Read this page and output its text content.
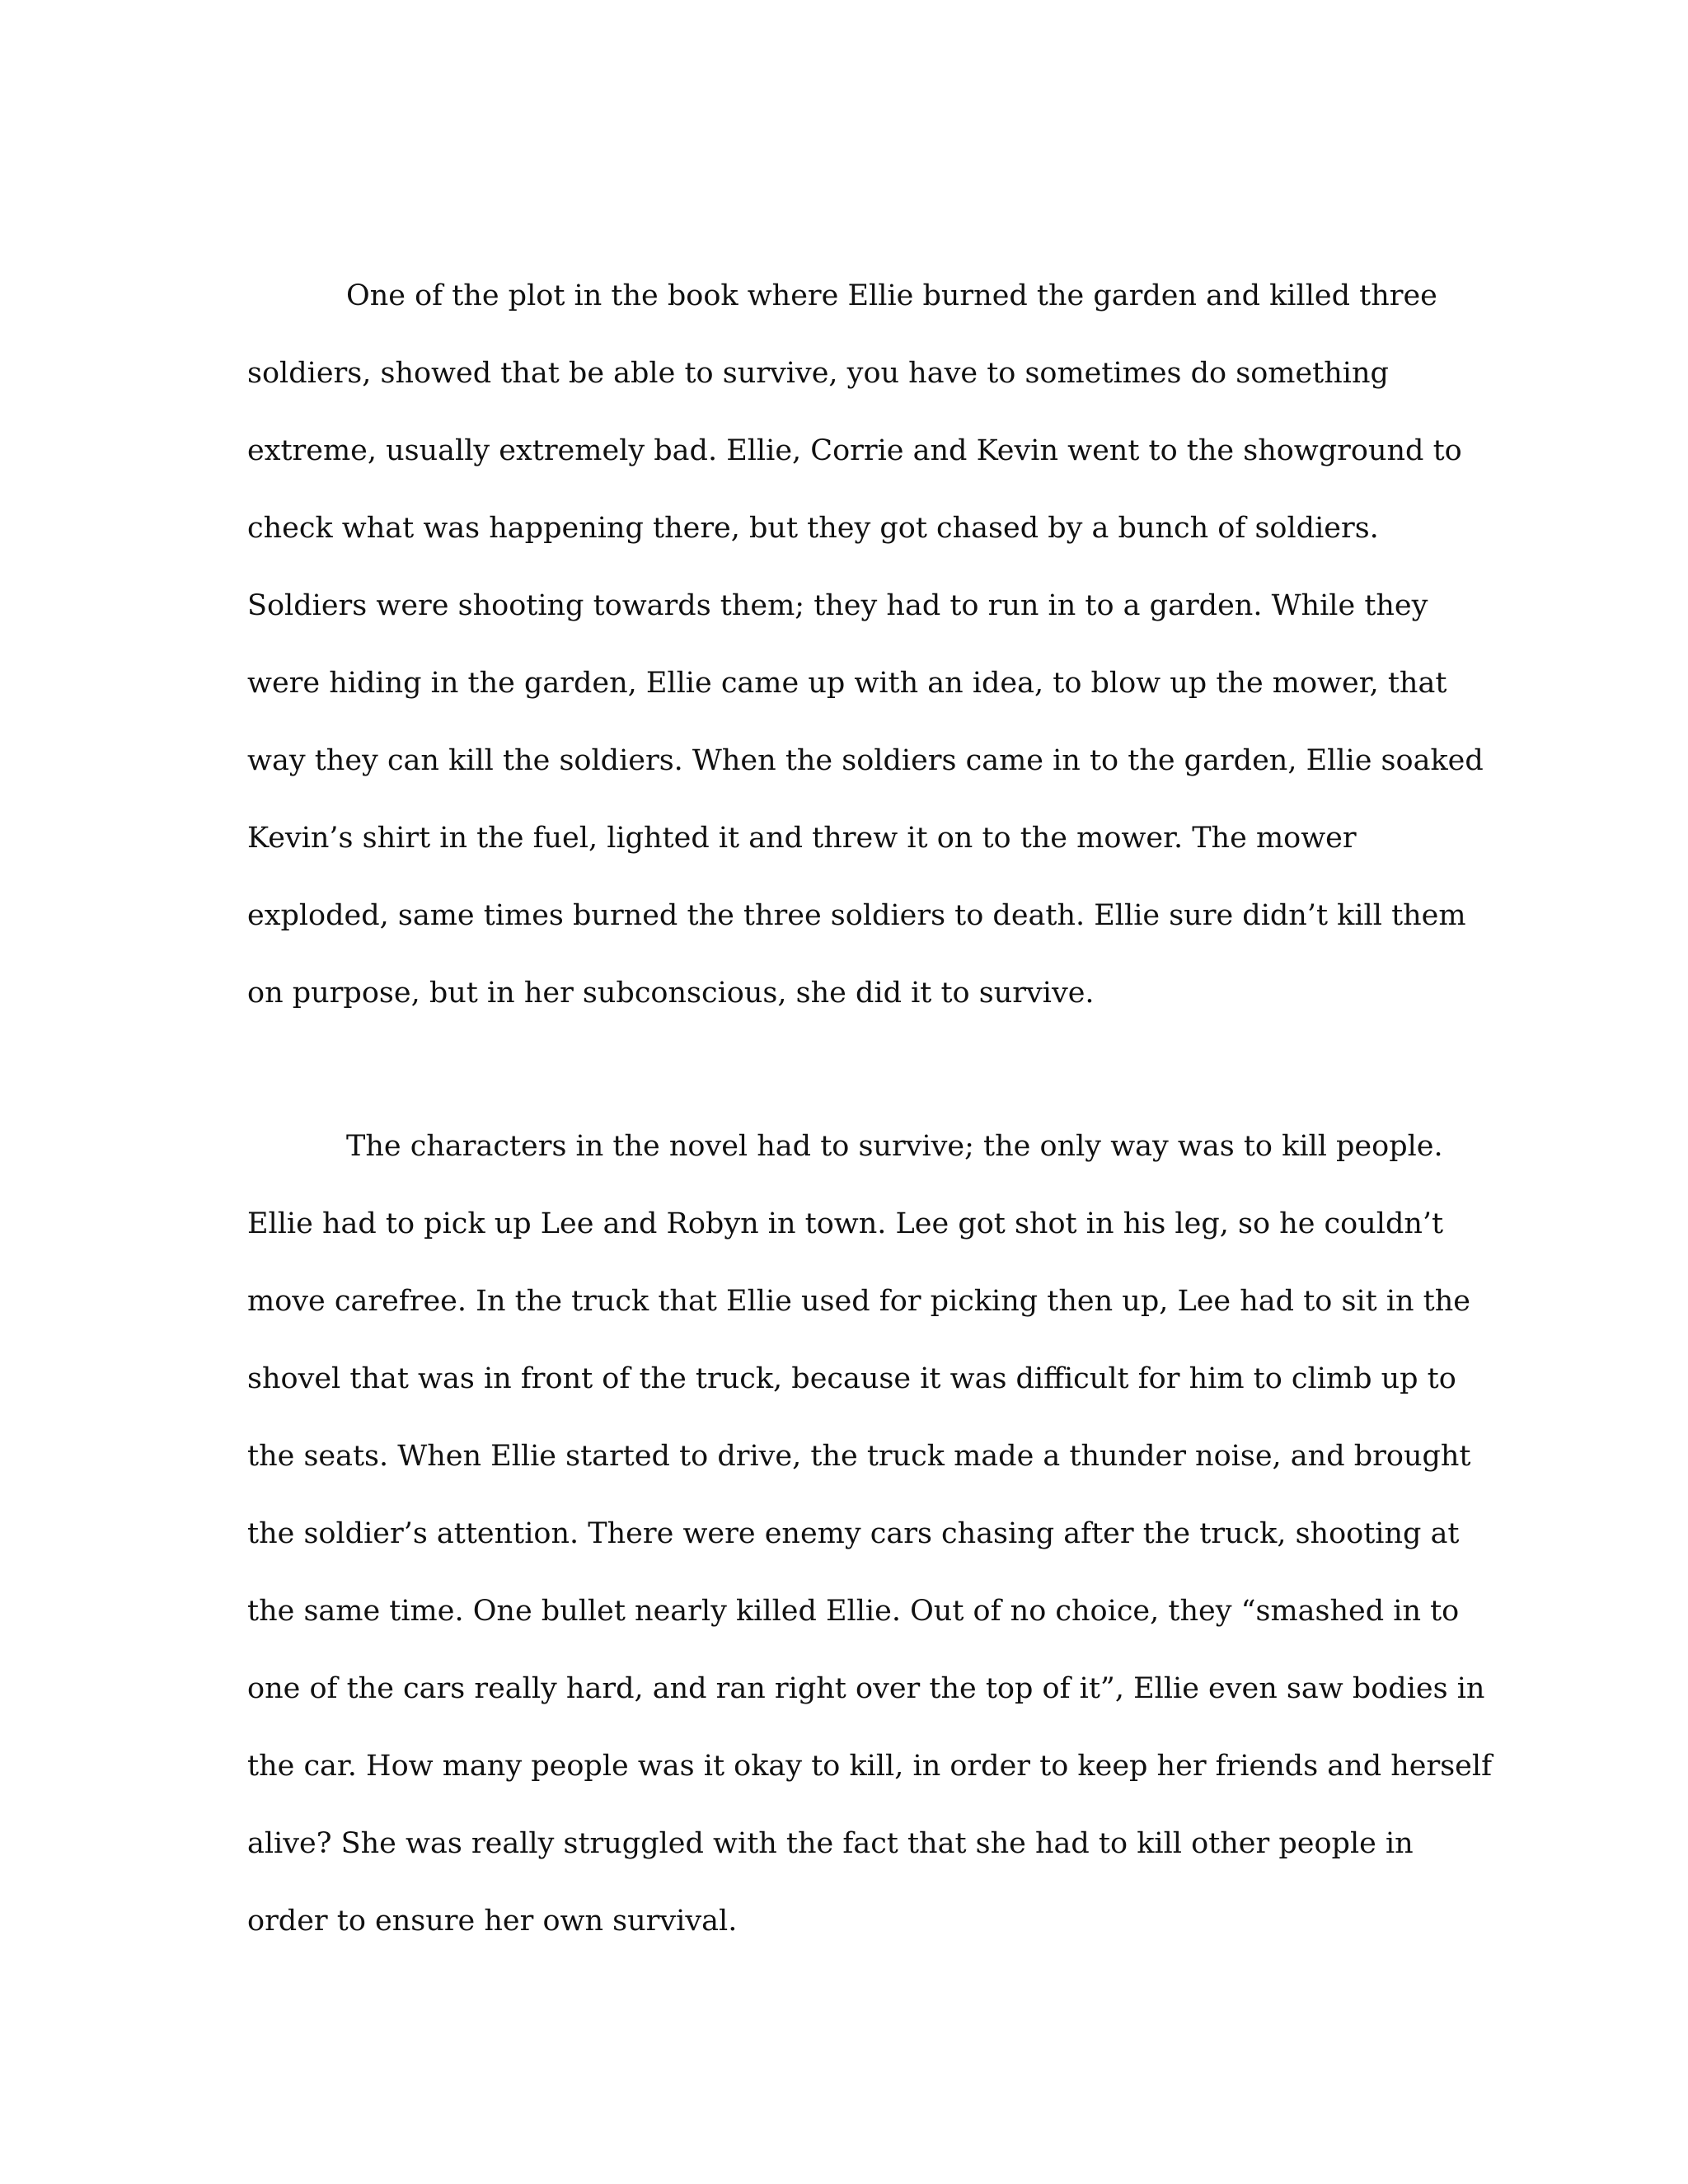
One of the plot in the book where Ellie burned the garden and killed three
soldiers, showed that be able to survive, you have to sometimes do something
extreme, usually extremely bad. Ellie, Corrie and Kevin went to the showground to
check what was happening there, but they got chased by a bunch of soldiers.
Soldiers were shooting towards them; they had to run in to a garden. While they
were hiding in the garden, Ellie came up with an idea, to blow up the mower, that
way they can kill the soldiers. When the soldiers came in to the garden, Ellie soaked
Kevin’s shirt in the fuel, lighted it and threw it on to the mower. The mower
exploded, same times burned the three soldiers to death. Ellie sure didn’t kill them
on purpose, but in her subconscious, she did it to survive.

The characters in the novel had to survive; the only way was to kill people.
Ellie had to pick up Lee and Robyn in town. Lee got shot in his leg, so he couldn’t
move carefree. In the truck that Ellie used for picking then up, Lee had to sit in the
shovel that was in front of the truck, because it was difficult for him to climb up to
the seats. When Ellie started to drive, the truck made a thunder noise, and brought
the soldier’s attention. There were enemy cars chasing after the truck, shooting at
the same time. One bullet nearly killed Ellie. Out of no choice, they “smashed in to
one of the cars really hard, and ran right over the top of it”, Ellie even saw bodies in
the car. How many people was it okay to kill, in order to keep her friends and herself
alive? She was really struggled with the fact that she had to kill other people in
order to ensure her own survival.
